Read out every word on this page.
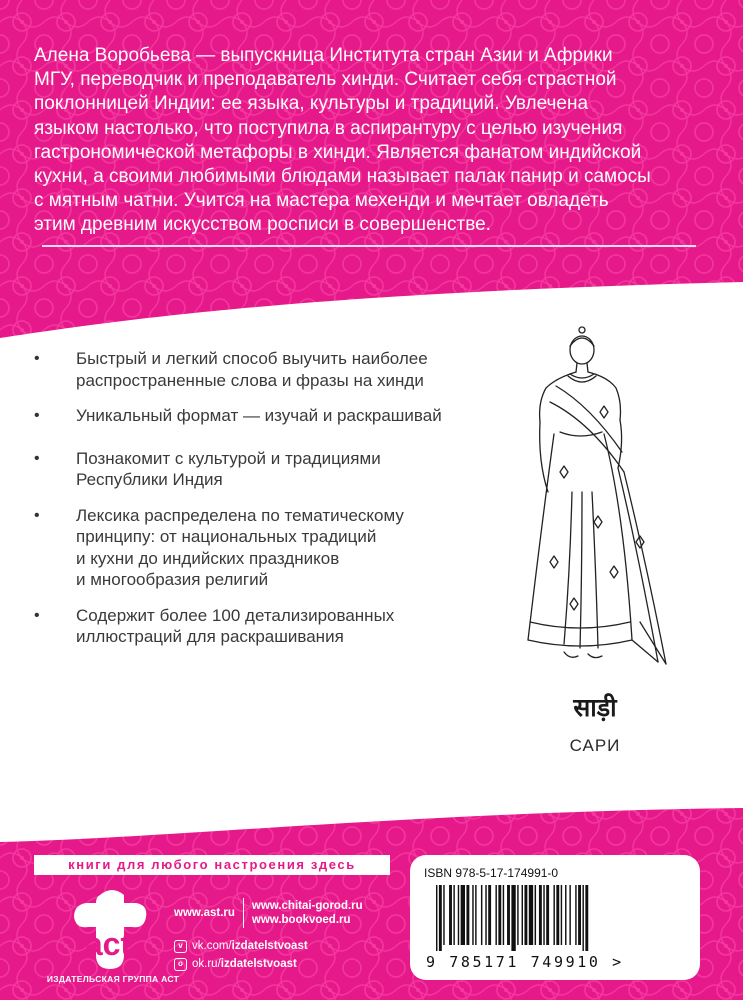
Алена Воробьева — выпускница Института стран Азии и Африки
МГУ, переводчик и преподаватель хинди. Считает себя страстной
поклонницей Индии: ее языка, культуры и традиций. Увлечена
языком настолько, что поступила в аспирантуру с целью изучения
гастрономической метафоры в хинди. Является фанатом индийской
кухни, а своими любимыми блюдами называет палак панир и самосы
с мятным чатни. Учится на мастера мехенди и мечтает овладеть
этим древним искусством росписи в совершенстве.
• Быстрый и легкий способ выучить наиболее
распространенные слова и фразы на хинди
• Уникальный формат — изучай и раскрашивай
• Познакомит с культурой и традициями
Республики Индия
• Лексика распределена по тематическому
принципу: от национальных традиций
и кухни до индийских праздников
и многообразия религий
• Содержит более 100 детализированных
иллюстраций для раскрашивания
साड़ी
САРИ
книги для любого настроения здесь
act
ИЗДАТЕЛЬСКАЯ ГРУППА АСТ
www.ast.ru
www.chitai-gorod.ru
www.bookvoed.ru
v vk.com/ izdatelstvoast
o ok.ru/ izdatelstvoast
ISBN 978-5-17-174991-0
9 785171 749910 >
